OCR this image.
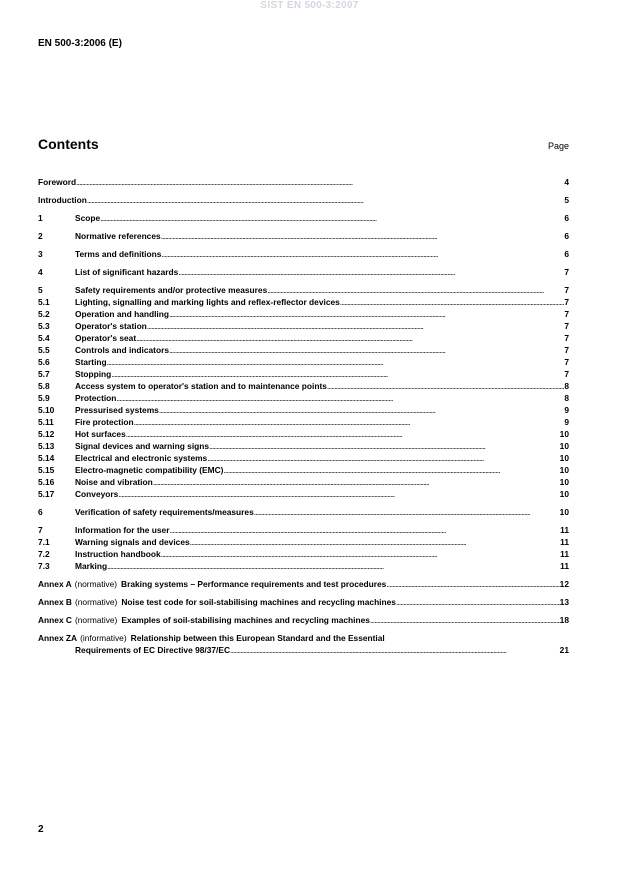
SIST EN 500-3:2007
EN 500-3:2006 (E)
Contents	Page
Foreword . . .	4
Introduction . . .	5
1	Scope . . .	6
2	Normative references . . .	6
3	Terms and definitions . . .	6
4	List of significant hazards . . .	7
5	Safety requirements and/or protective measures . . .	7
5.1	Lighting, signalling and marking lights and reflex-reflector devices . . .	7
5.2	Operation and handling . . .	7
5.3	Operator's station . . .	7
5.4	Operator's seat . . .	7
5.5	Controls and indicators . . .	7
5.6	Starting . . .	7
5.7	Stopping . . .	7
5.8	Access system to operator's station and to maintenance points . . .	8
5.9	Protection . . .	8
5.10	Pressurised systems . . .	9
5.11	Fire protection . . .	9
5.12	Hot surfaces . . .	10
5.13	Signal devices and warning signs . . .	10
5.14	Electrical and electronic systems . . .	10
5.15	Electro-magnetic compatibility (EMC) . . .	10
5.16	Noise and vibration . . .	10
5.17	Conveyors . . .	10
6	Verification of safety requirements/measures . . .	10
7	Information for the user . . .	11
7.1	Warning signals and devices . . .	11
7.2	Instruction handbook . . .	11
7.3	Marking . . .	11
Annex A (normative) Braking systems – Performance requirements and test procedures . . .	12
Annex B (normative) Noise test code for soil-stabilising machines and recycling machines . . .	13
Annex C (normative) Examples of soil-stabilising machines and recycling machines . . .	18
Annex ZA (informative) Relationship between this European Standard and the Essential
Requirements of EC Directive 98/37/EC . . .	21
2
